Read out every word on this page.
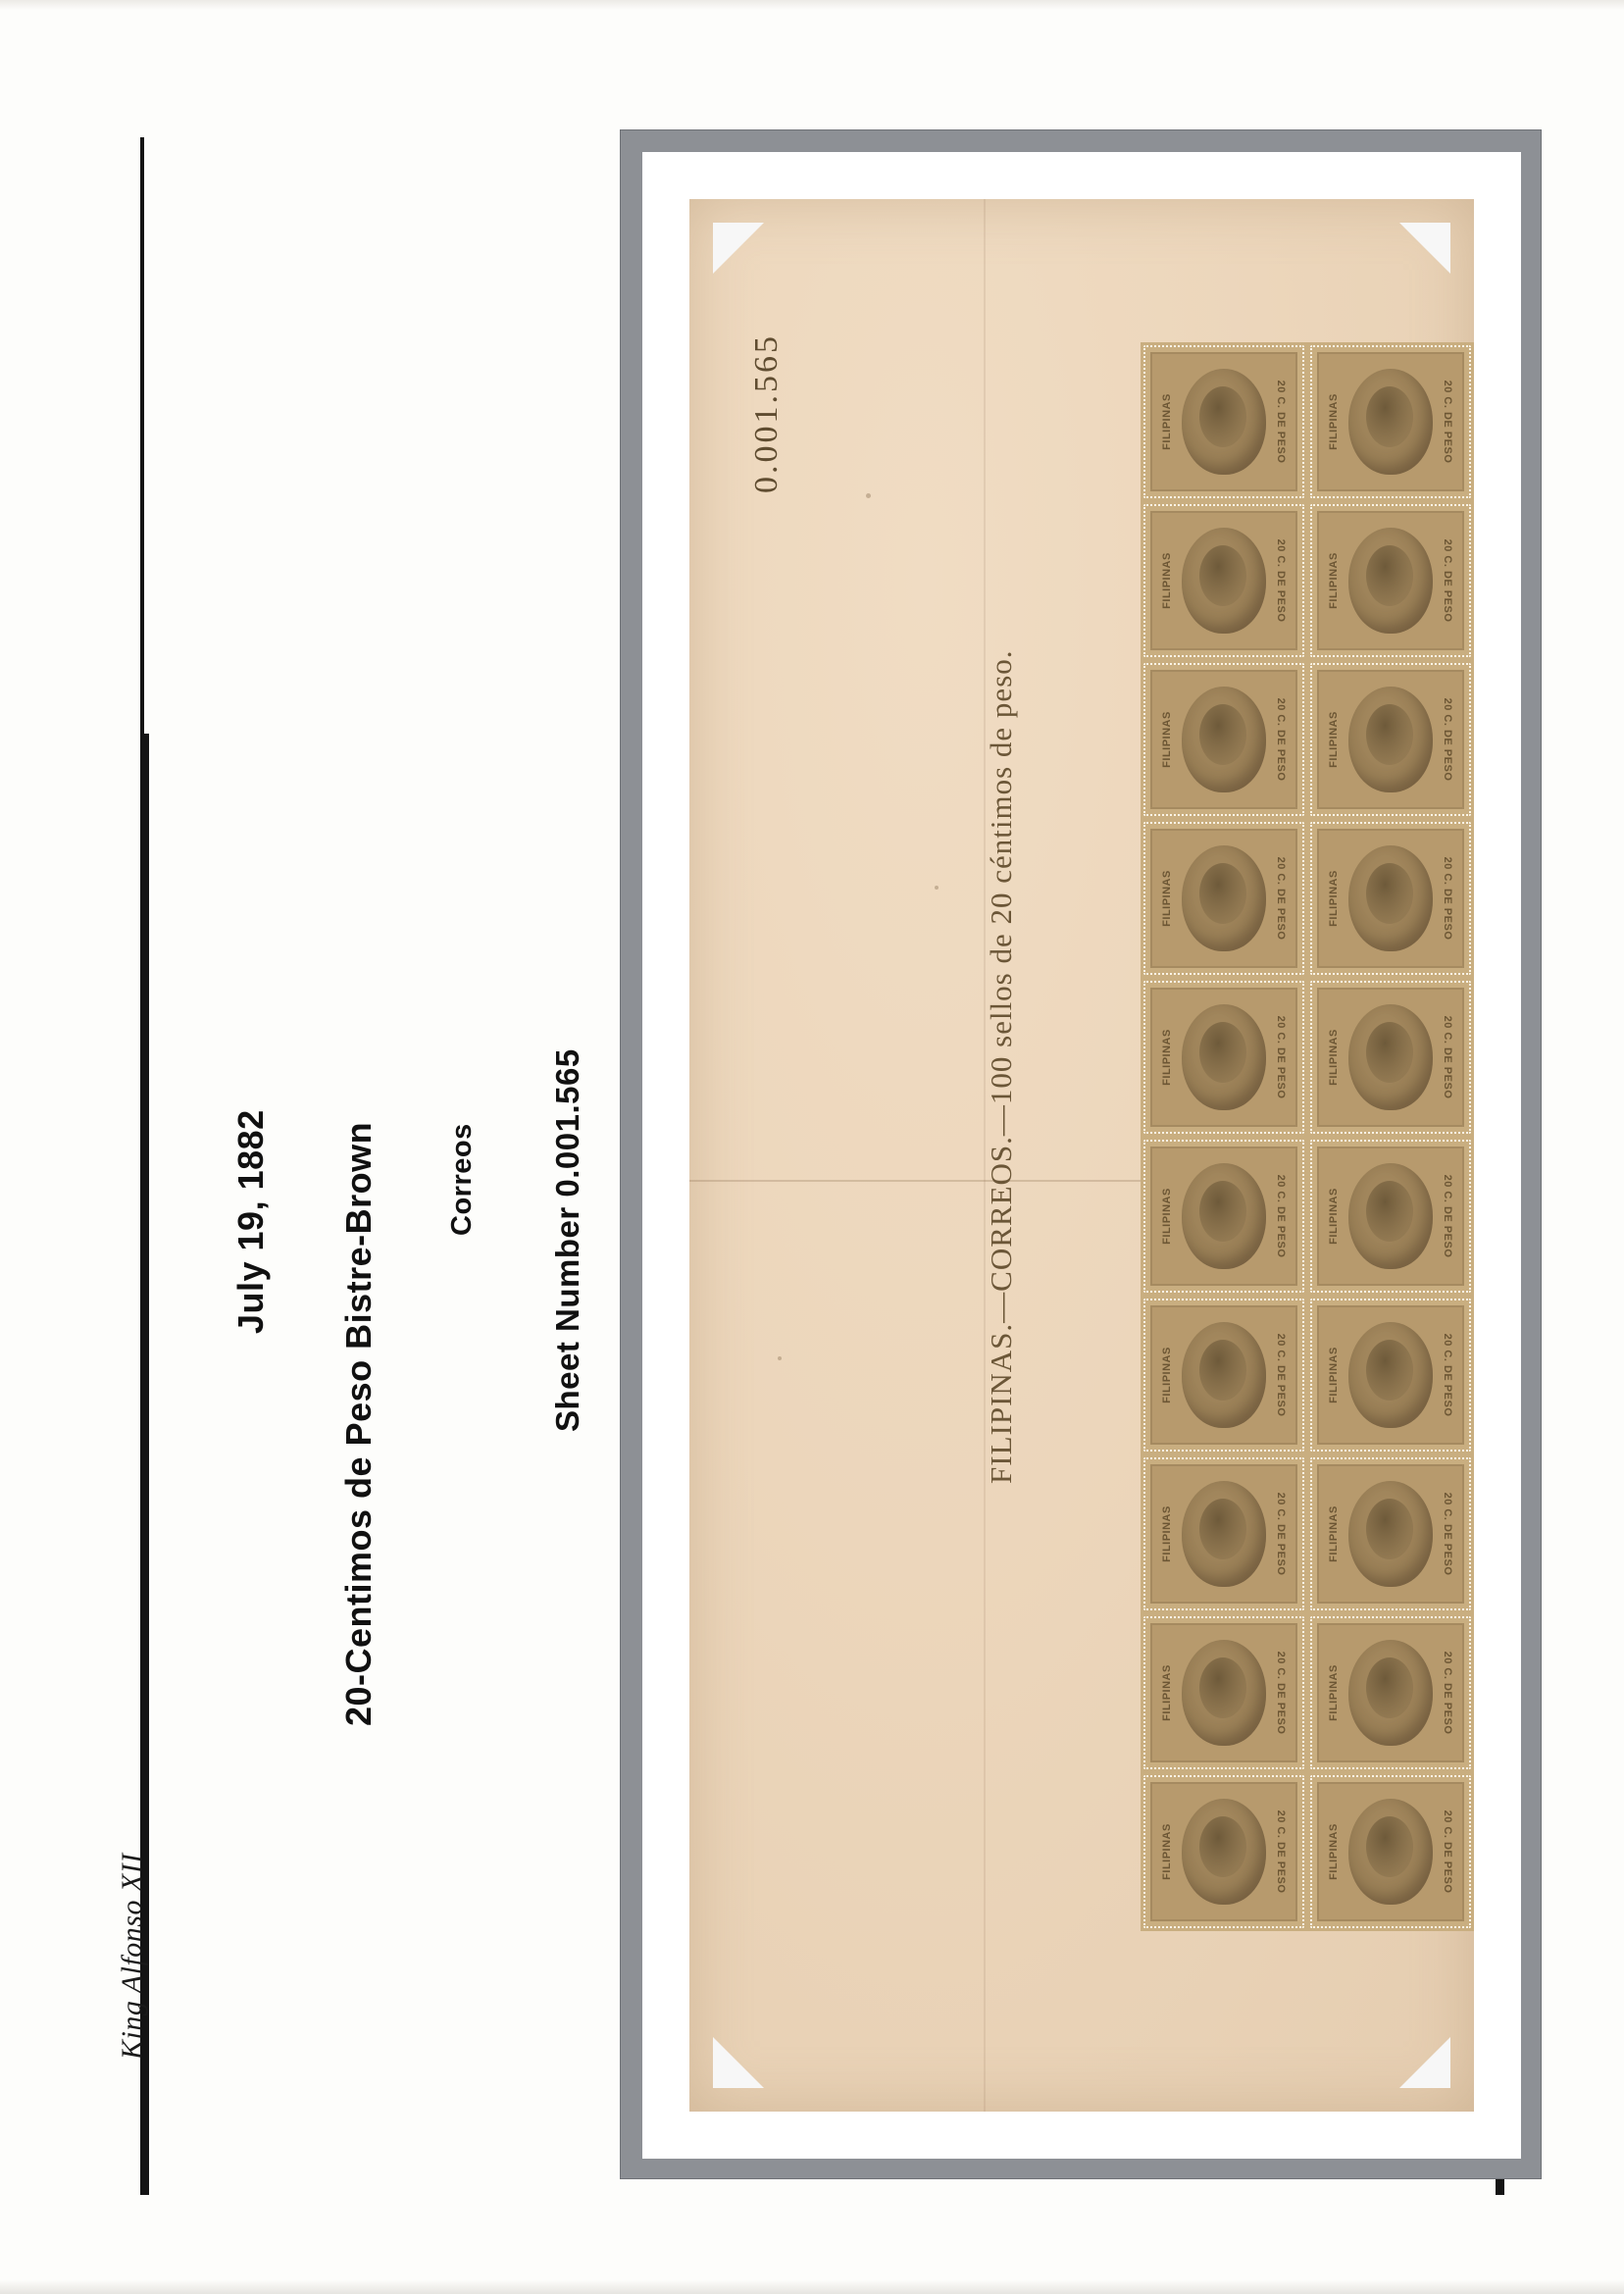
King Alfonso XII
July 19, 1882 20-Centimos de Peso Bistre-Brown Correos Sheet Number 0.001.565
0.001.565
FILIPINAS.—CORREOS.—100 sellos de 20 céntimos de peso.
FILIPINAS	20 C. DE PESO	FILIPINAS	20 C. DE PESO
FILIPINAS	20 C. DE PESO	FILIPINAS	20 C. DE PESO
FILIPINAS	20 C. DE PESO	FILIPINAS	20 C. DE PESO
FILIPINAS	20 C. DE PESO	FILIPINAS	20 C. DE PESO
FILIPINAS	20 C. DE PESO	FILIPINAS	20 C. DE PESO
FILIPINAS	20 C. DE PESO	FILIPINAS	20 C. DE PESO
FILIPINAS	20 C. DE PESO	FILIPINAS	20 C. DE PESO
FILIPINAS	20 C. DE PESO	FILIPINAS	20 C. DE PESO
FILIPINAS	20 C. DE PESO	FILIPINAS	20 C. DE PESO
FILIPINAS	20 C. DE PESO	FILIPINAS	20 C. DE PESO
